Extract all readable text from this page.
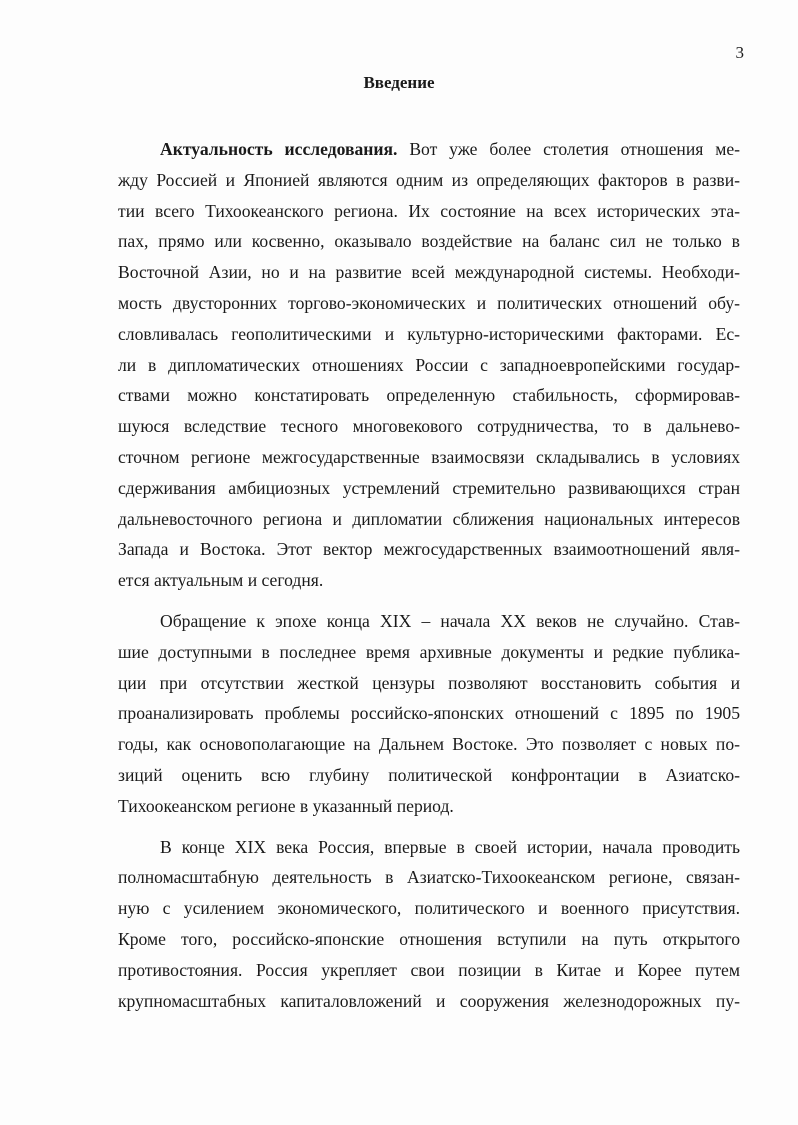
3
Введение
Актуальность исследования. Вот уже более столетия отношения ме-
жду Россией и Японией являются одним из определяющих факторов в разви-
тии всего Тихоокеанского региона. Их состояние на всех исторических эта-
пах, прямо или косвенно, оказывало воздействие на баланс сил не только в
Восточной Азии, но и на развитие всей международной системы. Необходи-
мость двусторонних торгово-экономических и политических отношений обу-
словливалась геополитическими и культурно-историческими факторами. Ес-
ли в дипломатических отношениях России с западноевропейскими государ-
ствами можно констатировать определенную стабильность, сформировав-
шуюся вследствие тесного многовекового сотрудничества, то в дальнево-
сточном регионе межгосударственные взаимосвязи складывались в условиях
сдерживания амбициозных устремлений стремительно развивающихся стран
дальневосточного региона и дипломатии сближения национальных интересов
Запада и Востока. Этот вектор межгосударственных взаимоотношений явля-
ется актуальным и сегодня.
Обращение к эпохе конца XIX – начала XX веков не случайно. Став-
шие доступными в последнее время архивные документы и редкие публика-
ции при отсутствии жесткой цензуры позволяют восстановить события и
проанализировать проблемы российско-японских отношений с 1895 по 1905
годы, как основополагающие на Дальнем Востоке. Это позволяет с новых по-
зиций оценить всю глубину политической конфронтации в Азиатско-
Тихоокеанском регионе в указанный период.
В конце XIX века Россия, впервые в своей истории, начала проводить
полномасштабную деятельность в Азиатско-Тихоокеанском регионе, связан-
ную с усилением экономического, политического и военного присутствия.
Кроме того, российско-японские отношения вступили на путь открытого
противостояния. Россия укрепляет свои позиции в Китае и Корее путем
крупномасштабных капиталовложений и сооружения железнодорожных пу-
